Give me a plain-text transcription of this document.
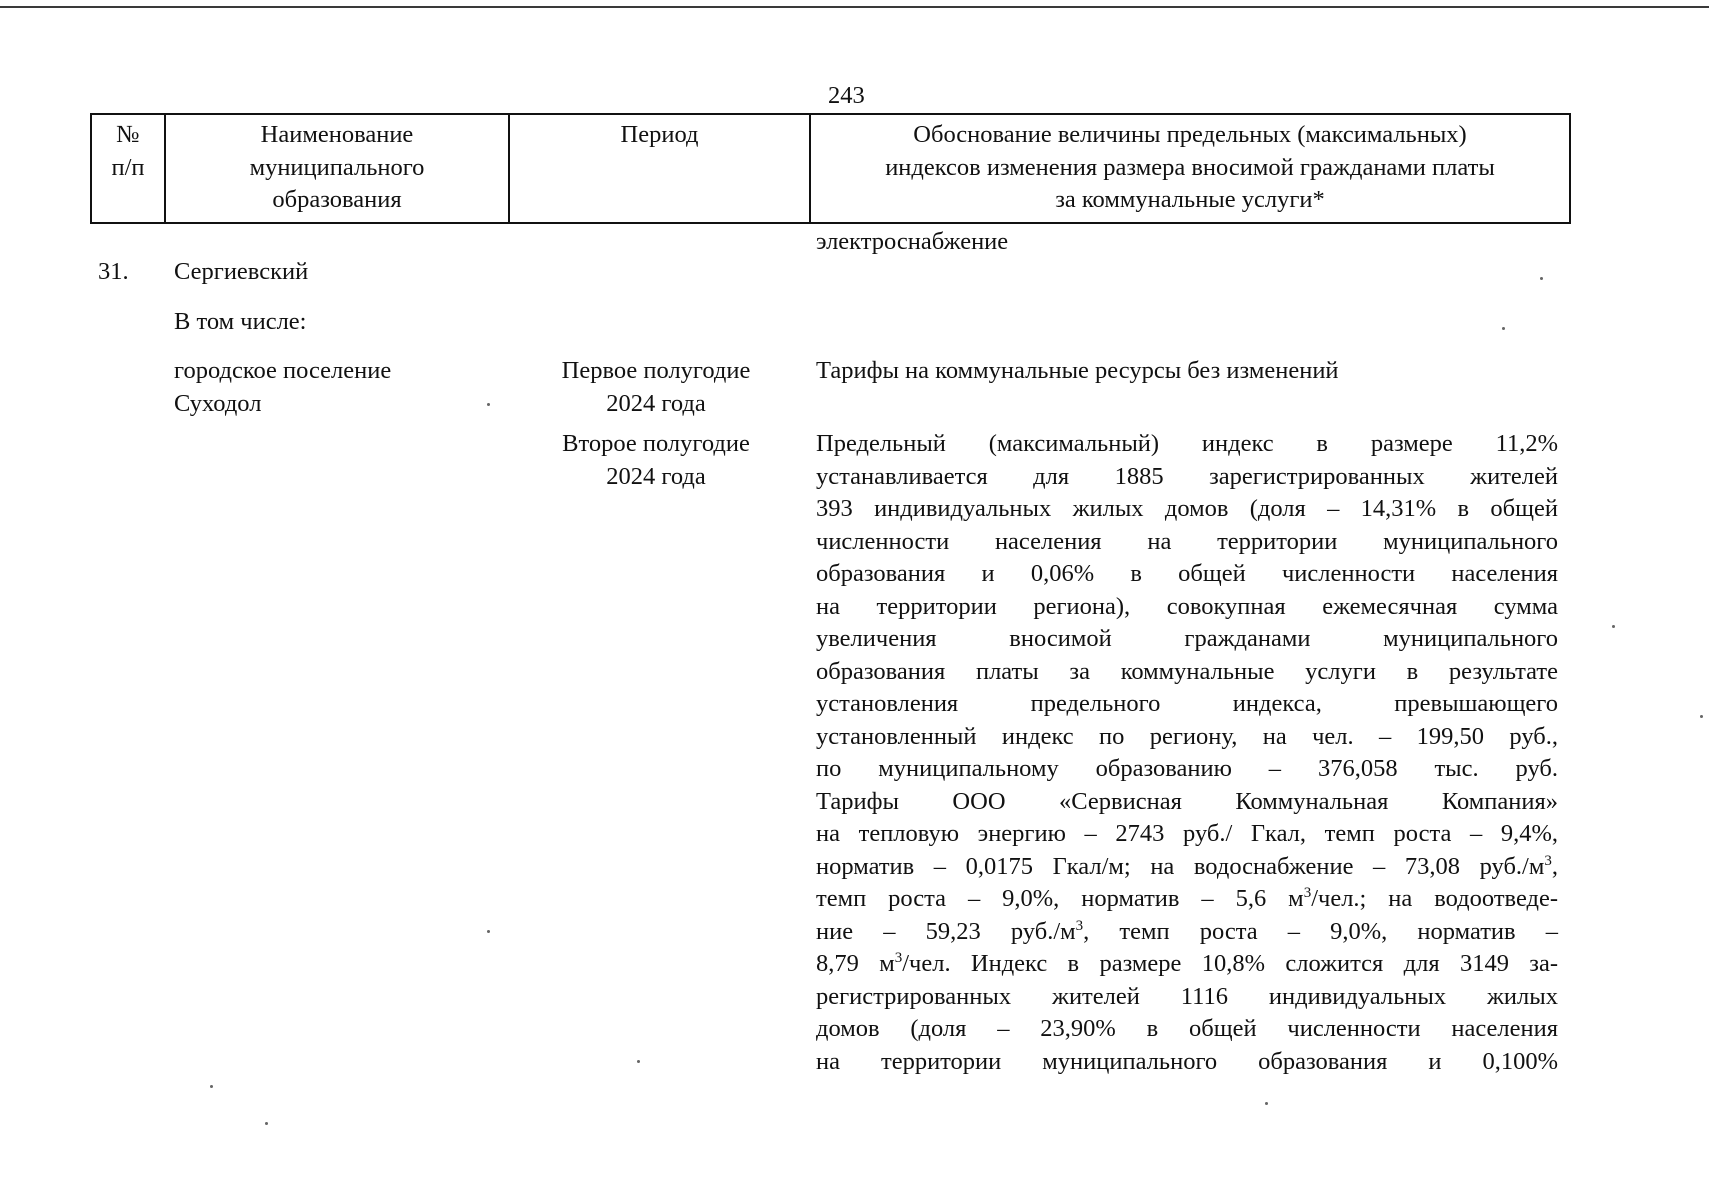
243
№
п/п
Наименование
муниципального
образования
Период	Обоснование величины предельных (максимальных)
индексов изменения размера вносимой гражданами платы
за коммунальные услуги*
электроснабжение
31. Сергиевский
В том числе:
городское поселение
Суходол
Первое полугодие
2024 года
Тарифы на коммунальные ресурсы без изменений
Второе полугодие
2024 года
Предельный (максимальный) индекс в размере 11,2%
устанавливается для 1885 зарегистрированных жителей
393 индивидуальных жилых домов (доля – 14,31% в общей
численности населения на территории муниципального
образования и 0,06% в общей численности населения
на территории региона), совокупная ежемесячная сумма
увеличения вносимой гражданами муниципального
образования платы за коммунальные услуги в результате
установления предельного индекса, превышающего
установленный индекс по региону, на чел. – 199,50 руб.,
по муниципальному образованию – 376,058 тыс. руб.
Тарифы ООО «Сервисная Коммунальная Компания»
на тепловую энергию – 2743 руб./ Гкал, темп роста – 9,4%,
норматив – 0,0175 Гкал/м; на водоснабжение – 73,08 $руб./м^3$,
темп роста – 9,0%, норматив – 5,6 $м^3$/чел.; на водоотведе-
ние – 59,23 $руб./м^3$, темп роста – 9,0%, норматив –
8,79 $м^3$/чел. Индекс в размере 10,8% сложится для 3149 за-
регистрированных жителей 1116 индивидуальных жилых
домов (доля – 23,90% в общей численности населения
на территории муниципального образования и 0,100%
